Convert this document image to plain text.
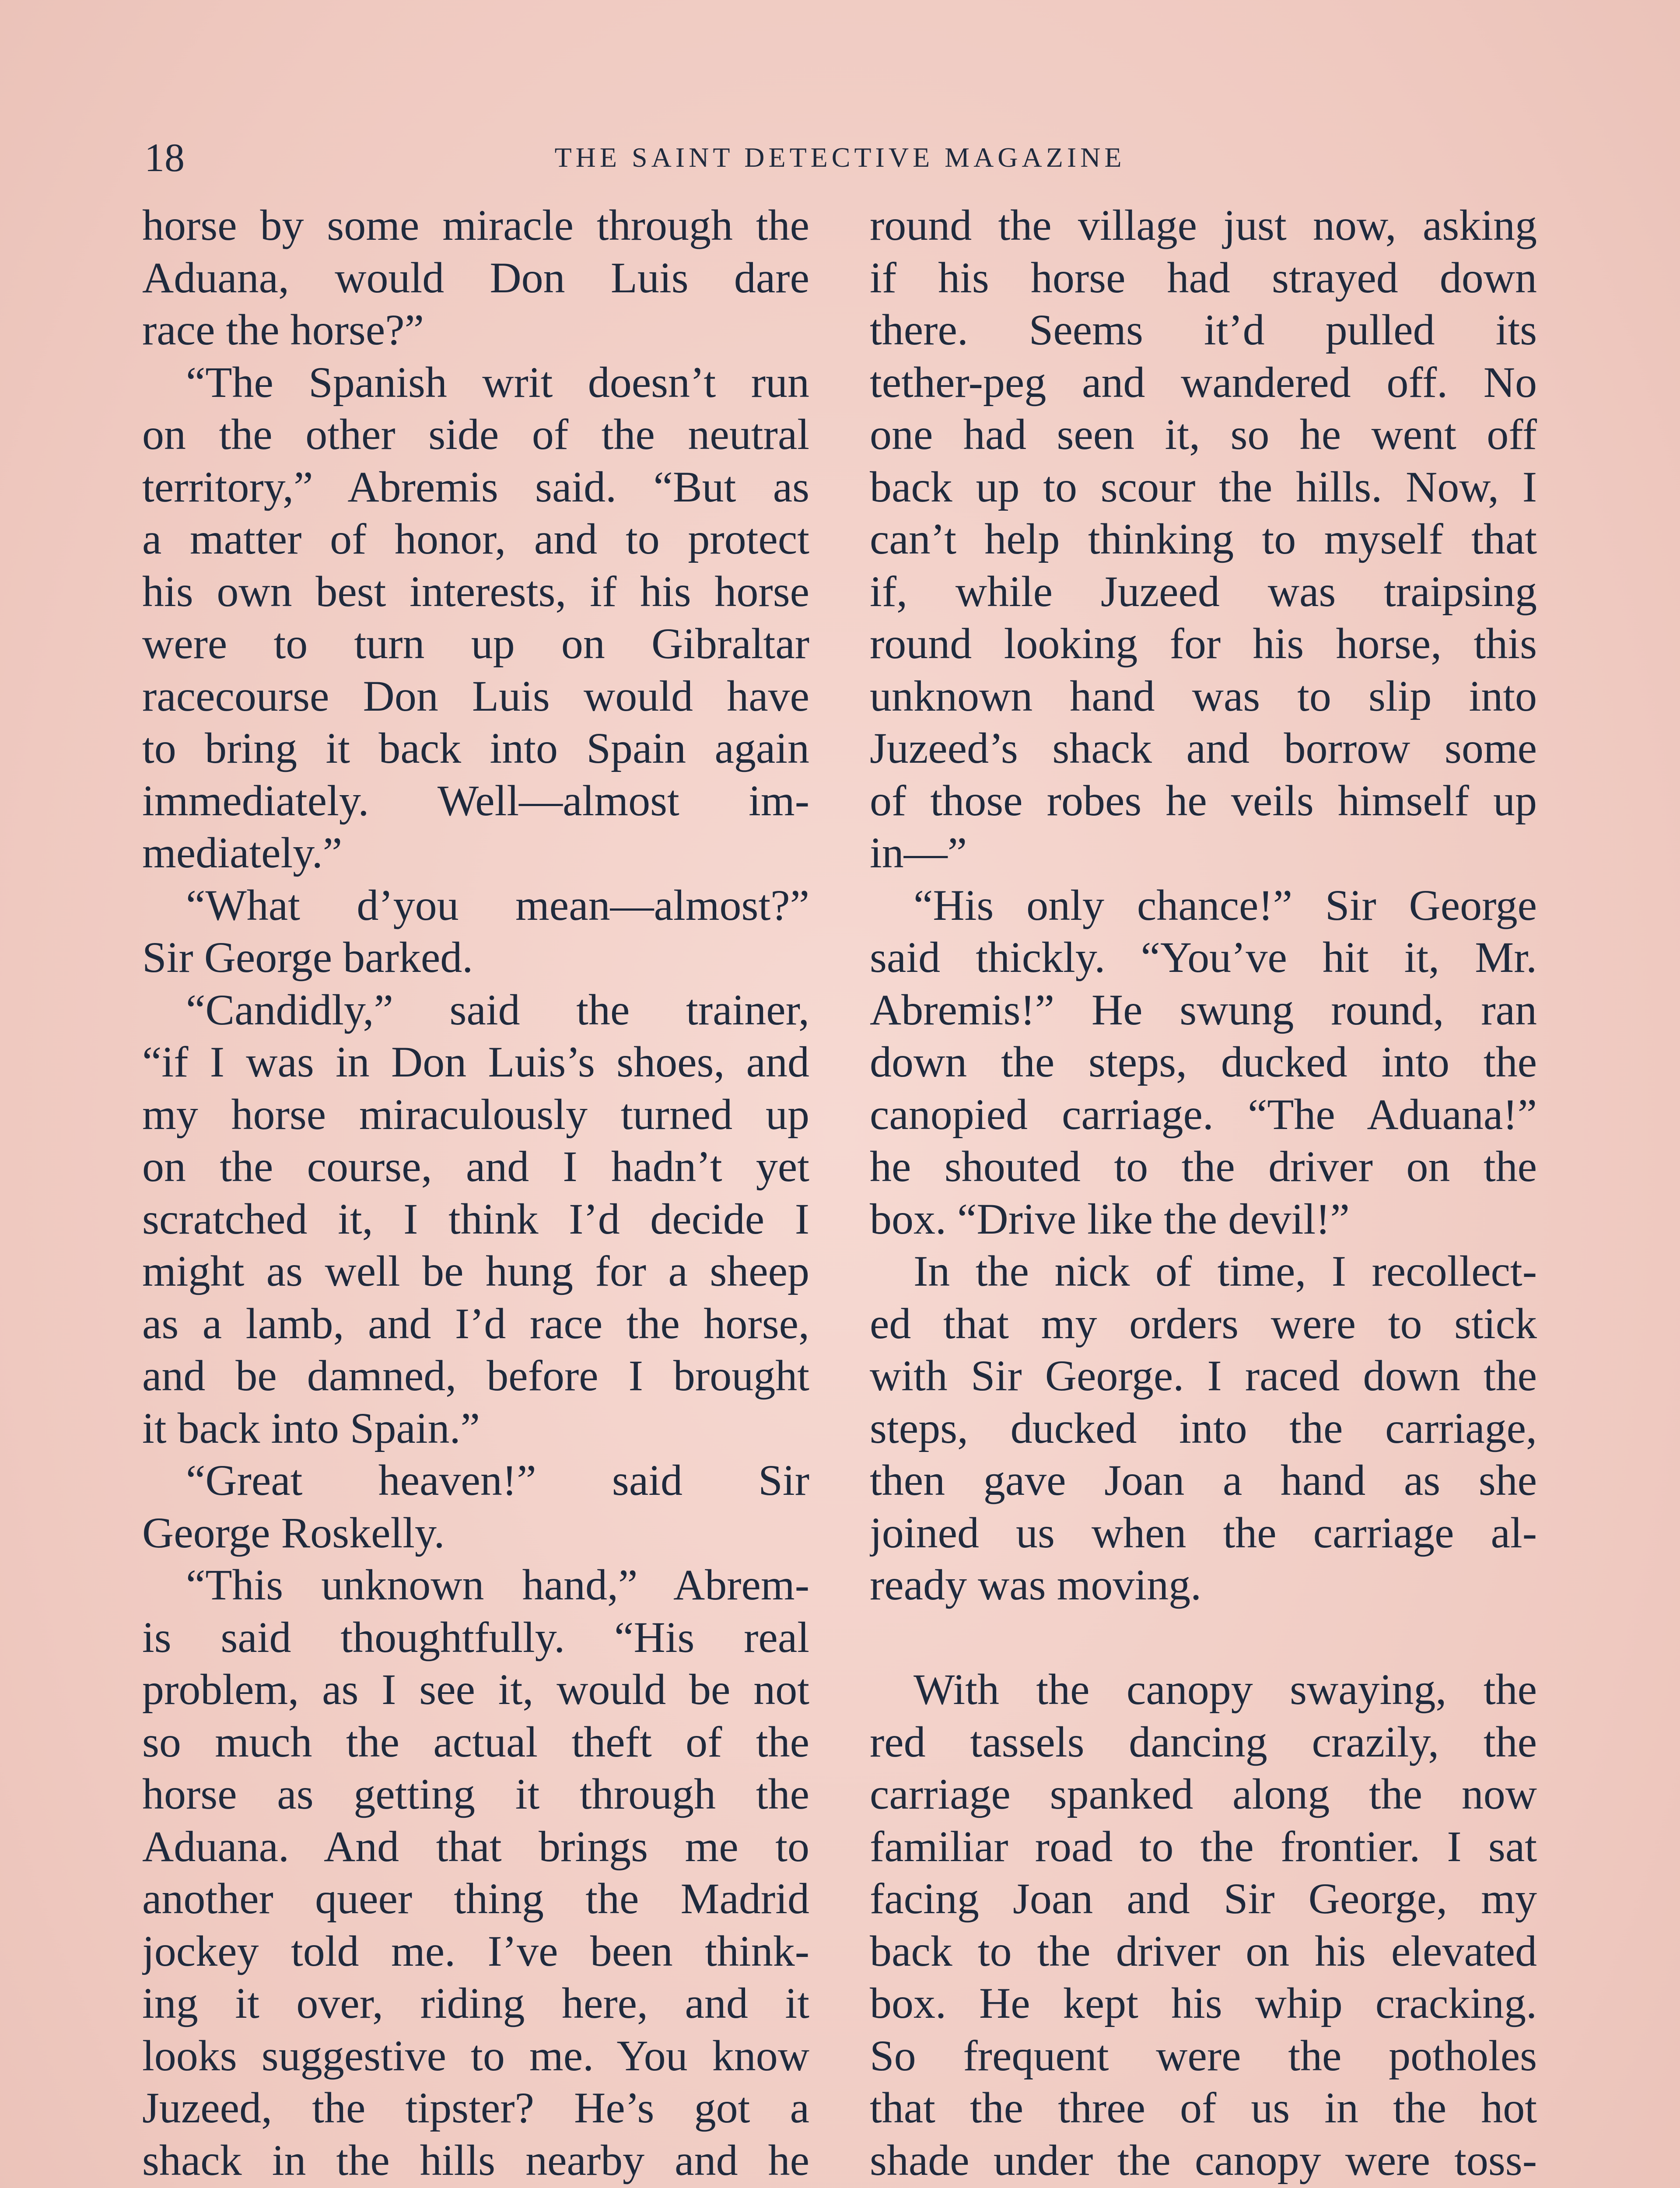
18	THE SAINT DETECTIVE MAGAZINE
horse by some miracle through the
Aduana, would Don Luis dare
race the horse?”
“The Spanish writ doesn’t run
on the other side of the neutral
territory,” Abremis said. “But as
a matter of honor, and to protect
his own best interests, if his horse
were to turn up on Gibraltar
racecourse Don Luis would have
to bring it back into Spain again
immediately. Well—almost im-
mediately.”
“What d’you mean—almost?”
Sir George barked.
“Candidly,” said the trainer,
“if I was in Don Luis’s shoes, and
my horse miraculously turned up
on the course, and I hadn’t yet
scratched it, I think I’d decide I
might as well be hung for a sheep
as a lamb, and I’d race the horse,
and be damned, before I brought
it back into Spain.”
“Great heaven!” said Sir
George Roskelly.
“This unknown hand,” Abrem-
is said thoughtfully. “His real
problem, as I see it, would be not
so much the actual theft of the
horse as getting it through the
Aduana. And that brings me to
another queer thing the Madrid
jockey told me. I’ve been think-
ing it over, riding here, and it
looks suggestive to me. You know
Juzeed, the tipster? He’s got a
shack in the hills nearby and he
round the village just now, asking
if his horse had strayed down
there. Seems it’d pulled its
tether-peg and wandered off. No
one had seen it, so he went off
back up to scour the hills. Now, I
can’t help thinking to myself that
if, while Juzeed was traipsing
round looking for his horse, this
unknown hand was to slip into
Juzeed’s shack and borrow some
of those robes he veils himself up
in—”
“His only chance!” Sir George
said thickly. “You’ve hit it, Mr.
Abremis!” He swung round, ran
down the steps, ducked into the
canopied carriage. “The Aduana!”
he shouted to the driver on the
box. “Drive like the devil!”
In the nick of time, I recollect-
ed that my orders were to stick
with Sir George. I raced down the
steps, ducked into the carriage,
then gave Joan a hand as she
joined us when the carriage al-
ready was moving.
With the canopy swaying, the
red tassels dancing crazily, the
carriage spanked along the now
familiar road to the frontier. I sat
facing Joan and Sir George, my
back to the driver on his elevated
box. He kept his whip cracking.
So frequent were the potholes
that the three of us in the hot
shade under the canopy were toss-
